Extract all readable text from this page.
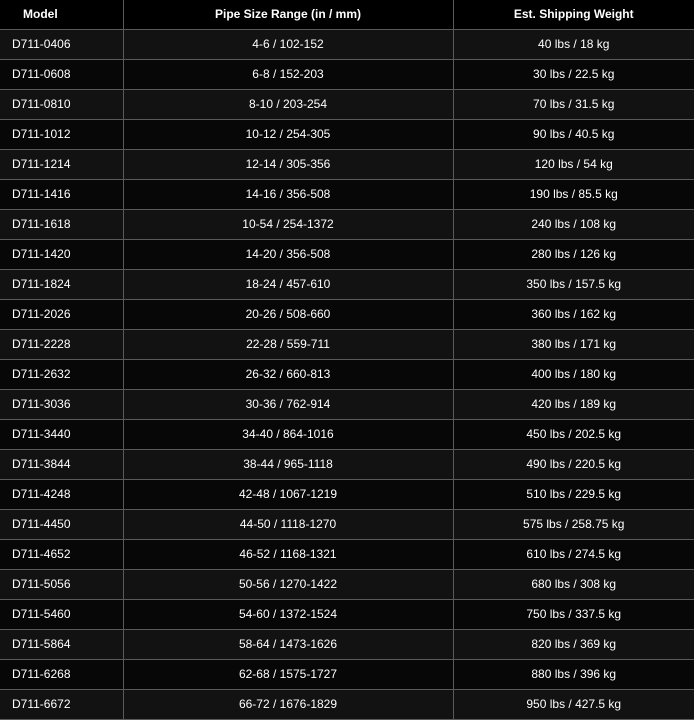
Model	Pipe Size Range (in / mm)	Est. Shipping Weight
D711-0406	4-6 / 102-152	40 lbs / 18 kg
D711-0608	6-8 / 152-203	30 lbs / 22.5 kg
D711-0810	8-10 / 203-254	70 lbs / 31.5 kg
D711-1012	10-12 / 254-305	90 lbs / 40.5 kg
D711-1214	12-14 / 305-356	120 lbs / 54 kg
D711-1416	14-16 / 356-508	190 lbs / 85.5 kg
D711-1618	10-54 / 254-1372	240 lbs / 108 kg
D711-1420	14-20 / 356-508	280 lbs / 126 kg
D711-1824	18-24 / 457-610	350 lbs / 157.5 kg
D711-2026	20-26 / 508-660	360 lbs / 162 kg
D711-2228	22-28 / 559-711	380 lbs / 171 kg
D711-2632	26-32 / 660-813	400 lbs / 180 kg
D711-3036	30-36 / 762-914	420 lbs / 189 kg
D711-3440	34-40 / 864-1016	450 lbs / 202.5 kg
D711-3844	38-44 / 965-1118	490 lbs / 220.5 kg
D711-4248	42-48 / 1067-1219	510 lbs / 229.5 kg
D711-4450	44-50 / 1118-1270	575 lbs / 258.75 kg
D711-4652	46-52 / 1168-1321	610 lbs / 274.5 kg
D711-5056	50-56 / 1270-1422	680 lbs / 308 kg
D711-5460	54-60 / 1372-1524	750 lbs / 337.5 kg
D711-5864	58-64 / 1473-1626	820 lbs / 369 kg
D711-6268	62-68 / 1575-1727	880 lbs / 396 kg
D711-6672	66-72 / 1676-1829	950 lbs / 427.5 kg
